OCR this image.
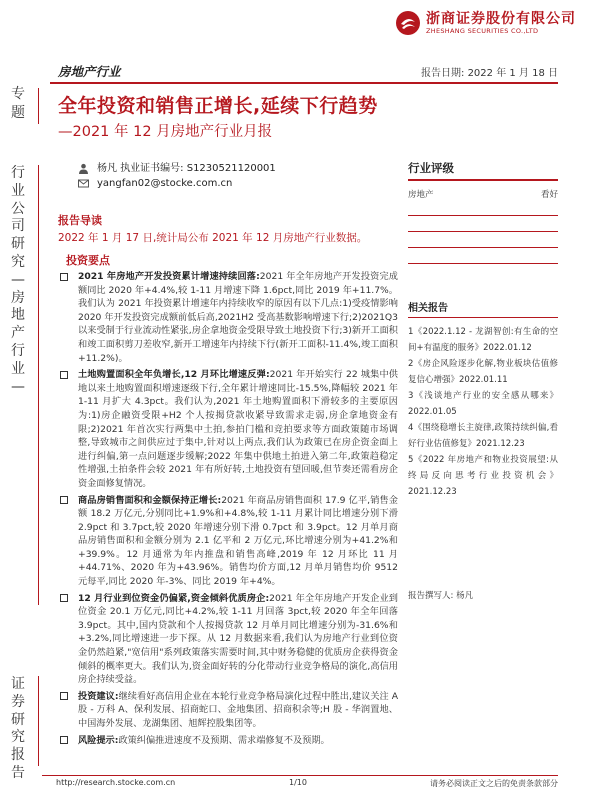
浙商证券股份有限公司
ZHESHANG SECURITIES CO.,LTD
房地产行业	报告日期: 2022 年 1 月 18 日
专题
行业公司研究—房地产行业—
证券研究报告
全年投资和销售正增长,延续下行趋势
—2021 年 12 月房地产行业月报
杨凡 执业证书编号: S1230521120001
yangfan02@stocke.com.cn
报告导读
2022 年 1 月 17 日,统计局公布 2021 年 12 月房地产行业数据。
投资要点
2021 年房地产开发投资累计增速持续回落:2021 年全年房地产开发投资完成额同比 2020 年+4.4%,较 1-11 月增速下降 1.6pct,同比 2019 年+11.7%。我们认为 2021 年投资累计增速年内持续收窄的原因有以下几点:1)受疫情影响 2020 年开发投资完成额前低后高,2021H2 受高基数影响增速下行;2)2021Q3 以来受制于行业流动性紧张,房企拿地资金受限导致土地投资下行;3)新开工面积和竣工面积剪刀差收窄,新开工增速年内持续下行(新开工面积-11.4%,竣工面积+11.2%)。
土地购置面积全年负增长,12 月环比增速反弹:2021 年开始实行 22 城集中供地以来土地购置面积增速逐级下行,全年累计增速同比-15.5%,降幅较 2021 年 1-11 月扩大 4.3pct。我们认为,2021 年土地购置面积下滑较多的主要原因为:1)房企融资受限+H2 个人按揭贷款收紧导致需求走弱,房企拿地资金有限;2)2021 年首次实行两集中土拍,参拍门槛和竞拍要求等方面政策随市场调整,导致城市之间供应过于集中,针对以上两点,我们认为政策已在房企资金面上进行纠偏,第一点问题逐步缓解;2022 年集中供地土拍进入第二年,政策趋稳定性增强,土拍条件会较 2021 年有所好转,土地投资有望回暖,但节奏还需看房企资金面修复情况。
商品房销售面积和金额保持正增长:2021 年商品房销售面积 17.9 亿平,销售金额 18.2 万亿元,分别同比+1.9%和+4.8%,较 1-11 月累计同比增速分别下滑 2.9pct 和 3.7pct,较 2020 年增速分别下滑 0.7pct 和 3.9pct。12 月单月商品房销售面积和金额分别为 2.1 亿平和 2 万亿元,环比增速分别为+41.2%和+39.9%。12 月通常为年内推盘和销售高峰,2019 年 12 月环比 11 月+44.71%、2020 年为+43.96%。销售均价方面,12 月单月销售均价 9512 元每平,同比 2020 年-3%、同比 2019 年+4%。
12 月行业到位资金仍偏紧,资金倾斜优质房企:2021 年全年房地产开发企业到位资金 20.1 万亿元,同比+4.2%,较 1-11 月回落 3pct,较 2020 年全年回落 3.9pct。其中,国内贷款和个人按揭贷款 12 月单月同比增速分别为-31.6%和+3.2%,同比增速进一步下探。从 12 月数据来看,我们认为房地产行业到位资金仍然趋紧,"宽信用"系列政策落实需要时间,其中财务稳健的优质房企获得资金倾斜的概率更大。我们认为,资金面好转的分化带动行业竞争格局的演化,高信用房企持续受益。
投资建议:继续看好高信用企业在本轮行业竞争格局演化过程中胜出,建议关注 A 股 - 万科 A、保利发展、招商蛇口、金地集团、招商积余等;H 股 - 华润置地、中国海外发展、龙湖集团、旭辉控股集团等。
风险提示:政策纠偏推进速度不及预期、需求端修复不及预期。
行业评级
房地产	看好
相关报告
1《2022.1.12 - 龙湖智创:有生命的空间+有温度的服务》2022.01.12
2《房企风险逐步化解,物业板块估值修复信心增强》2022.01.11
3《浅谈地产行业的安全感从哪来》2022.01.05
4《围绕稳增长主旋律,政策持续纠偏,看好行业估值修复》2021.12.23
5《2022 年房地产和物业投资展望:从终局反向思考行业投资机会》2021.12.23
报告撰写人: 杨凡
http://research.stocke.com.cn	1/10	请务必阅读正文之后的免责条款部分
